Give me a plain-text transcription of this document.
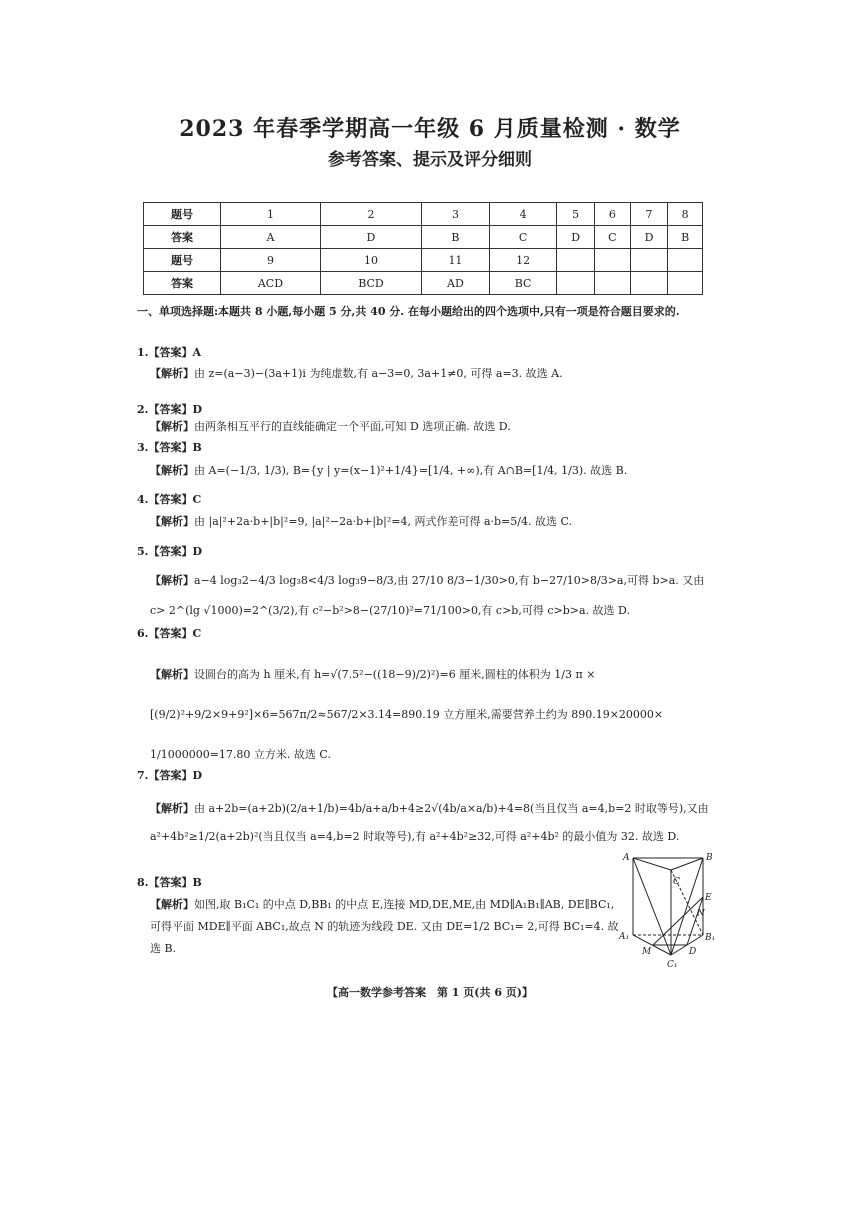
2023 年春季学期高一年级 6 月质量检测 · 数学
参考答案、提示及评分细则
题号	1	2	3	4	5	6	7	8
答案	A	D	B	C	D	C	D	B
题号	9	10	11	12				
答案	ACD	BCD	AD	BC				
一、单项选择题:本题共 8 小题,每小题 5 分,共 40 分. 在每小题给出的四个选项中,只有一项是符合题目要求的.
1.【答案】A
【解析】由 z=(a−3)−(3a+1)i 为纯虚数,有 a−3=0, 3a+1≠0, 可得 a=3. 故选 A.
2.【答案】D
【解析】由两条相互平行的直线能确定一个平面,可知 D 选项正确. 故选 D.
3.【答案】B
【解析】由 A=(−1/3, 1/3), B={y | y=(x−1)²+1/4}=[1/4, +∞),有 A∩B=[1/4, 1/3). 故选 B.
4.【答案】C
【解析】由 |a|²+2a·b+|b|²=9, |a|²−2a·b+|b|²=4, 两式作差可得 a·b=5/4. 故选 C.
5.【答案】D
【解析】a−4 log₃2−4/3 log₃8<4/3 log₃9−8/3,由 27/10 8/3−1/30>0,有 b−27/10>8/3>a,可得 b>a. 又由 c> 2^(lg √1000)=2^(3/2),有 c²−b²>8−(27/10)²=71/100>0,有 c>b,可得 c>b>a. 故选 D.
6.【答案】C
【解析】设圆台的高为 h 厘米,有 h=√(7.5²−((18−9)/2)²)=6 厘米,圆柱的体积为 1/3 π × [(9/2)²+9/2×9+9²]×6=567π/2≈567/2×3.14=890.19 立方厘米,需要营养土约为 890.19×20000× 1/1000000=17.80 立方米. 故选 C.
7.【答案】D
【解析】由 a+2b=(a+2b)(2/a+1/b)=4b/a+a/b+4≥2√(4b/a×a/b)+4=8(当且仅当 a=4,b=2 时取等号),又由 a²+4b²≥1/2(a+2b)²(当且仅当 a=4,b=2 时取等号),有 a²+4b²≥32,可得 a²+4b² 的最小值为 32. 故选 D.
8.【答案】B
【解析】如图,取 B₁C₁ 的中点 D,BB₁ 的中点 E,连接 MD,DE,ME,由 MD∥A₁B₁∥AB, DE∥BC₁,可得平面 MDE∥平面 ABC₁,故点 N 的轨迹为线段 DE. 又由 DE=1/2 BC₁= 2,可得 BC₁=4. 故选 B.
A	B
C
E
N
A₁	B₁
M	D
C₁
【高一数学参考答案　第 1 页(共 6 页)】
